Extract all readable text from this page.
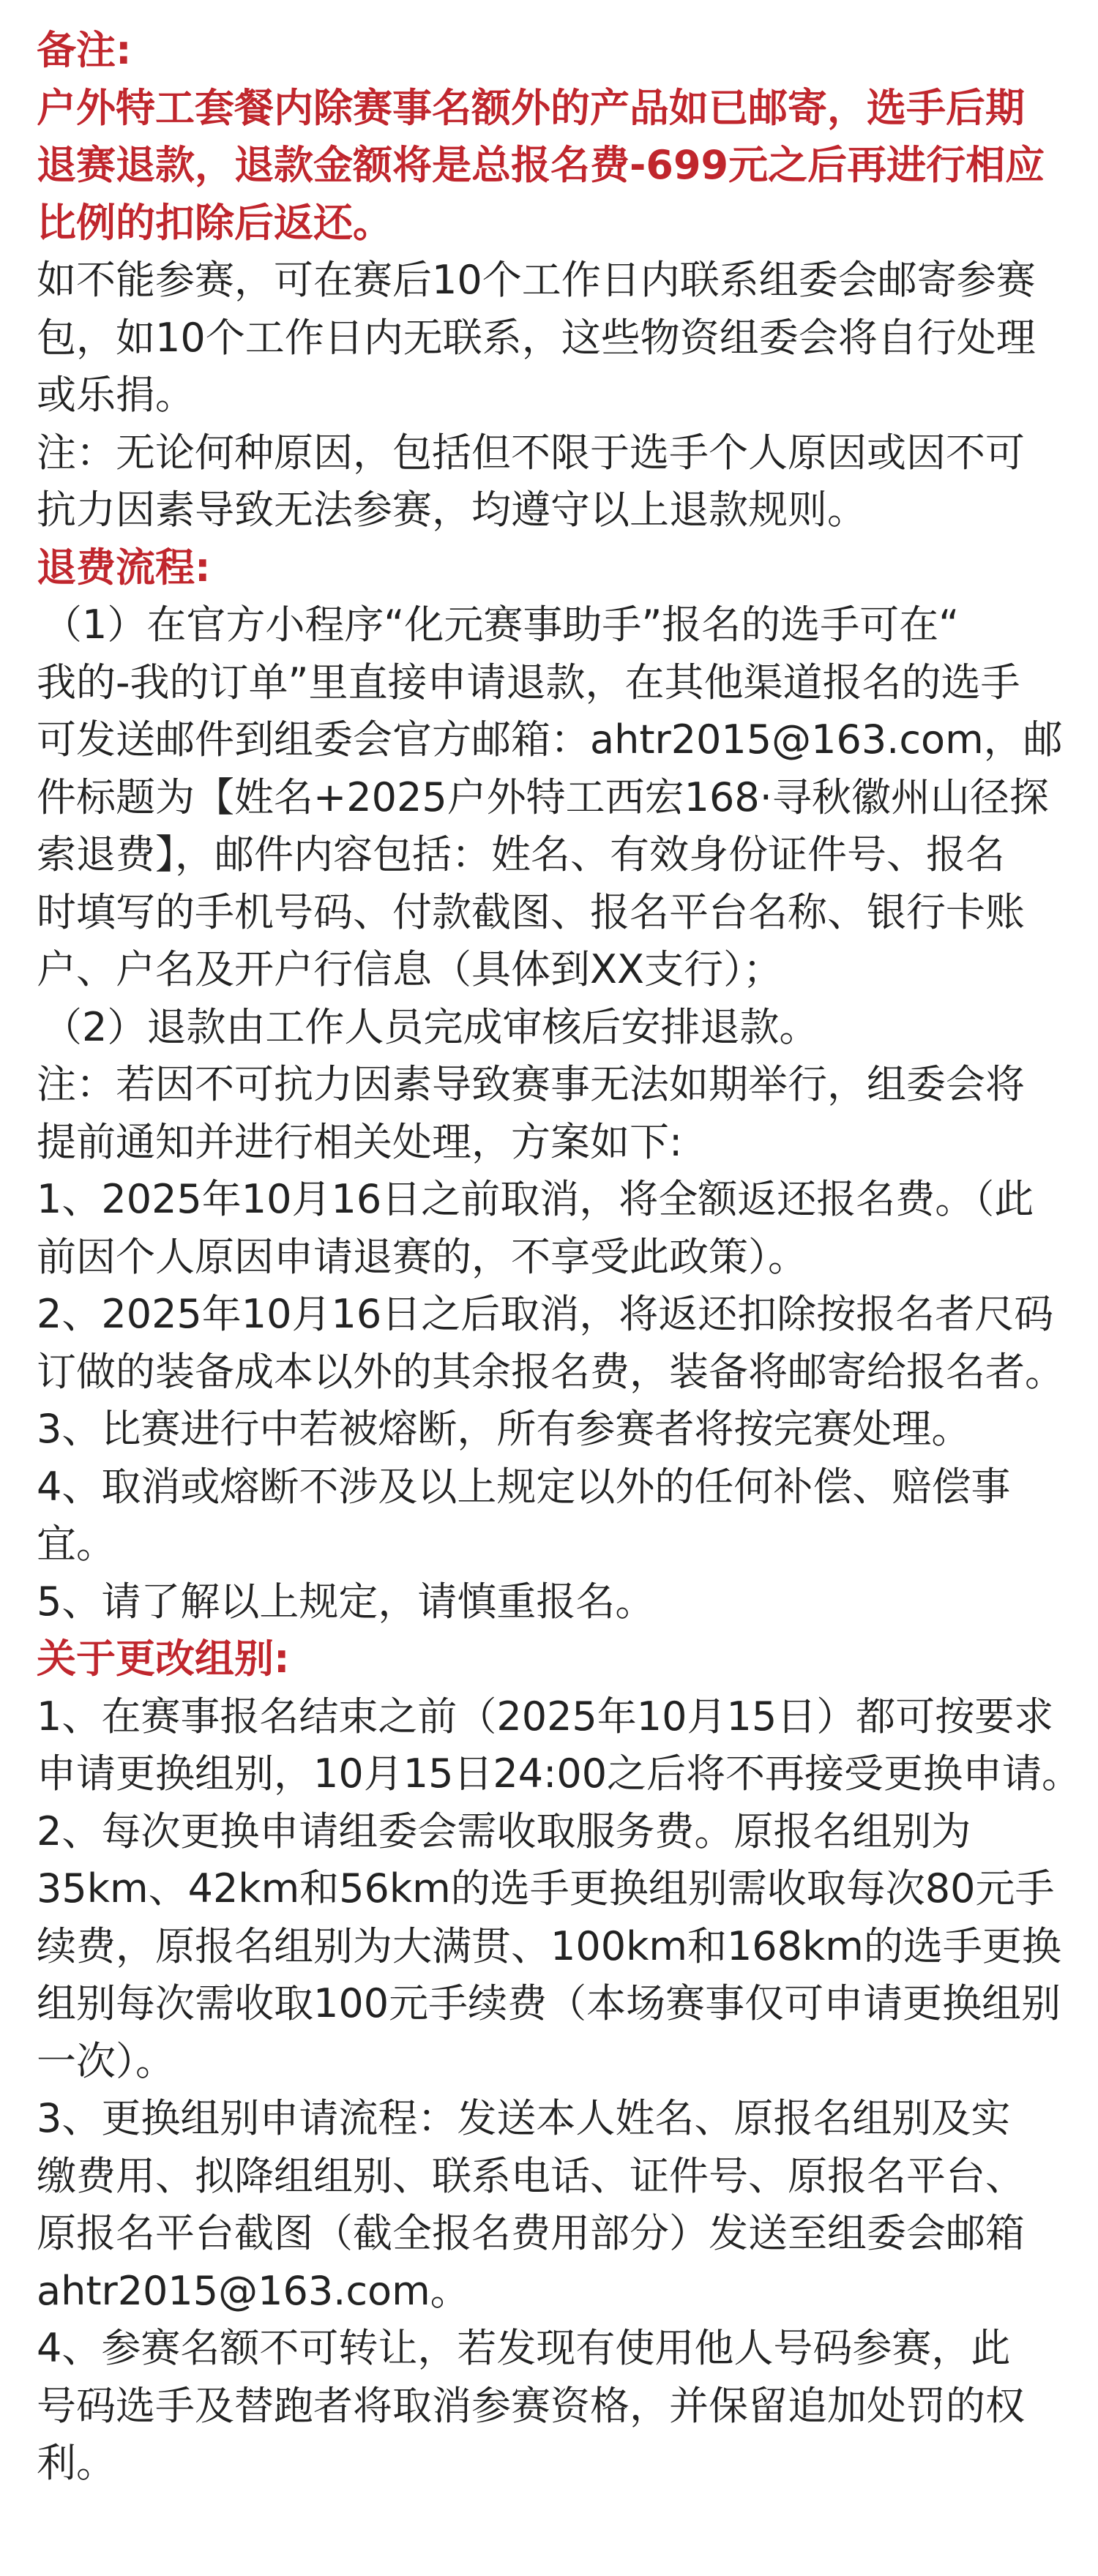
备注:
户外特工套餐内除赛事名额外的产品如已邮寄，选手后期
退赛退款，退款金额将是总报名费-699元之后再进行相应
比例的扣除后返还。
如不能参赛，可在赛后10个工作日内联系组委会邮寄参赛
包，如10个工作日内无联系，这些物资组委会将自行处理
或乐捐。
注：无论何种原因，包括但不限于选手个人原因或因不可
抗力因素导致无法参赛，均遵守以上退款规则。
退费流程:
（1）在官方小程序“化元赛事助手”报名的选手可在“
我的-我的订单”里直接申请退款，在其他渠道报名的选手
可发送邮件到组委会官方邮箱：ahtr2015@163.com，邮
件标题为【姓名+2025户外特工西宏168·寻秋徽州山径探
索退费】，邮件内容包括：姓名、有效身份证件号、报名
时填写的手机号码、付款截图、报名平台名称、银行卡账
户、户名及开户行信息（具体到XX支行）；
（2）退款由工作人员完成审核后安排退款。
注：若因不可抗力因素导致赛事无法如期举行，组委会将
提前通知并进行相关处理，方案如下:
1、2025年10月16日之前取消，将全额返还报名费。（此
前因个人原因申请退赛的，不享受此政策）。
2、2025年10月16日之后取消，将返还扣除按报名者尺码
订做的装备成本以外的其余报名费，装备将邮寄给报名者。
3、比赛进行中若被熔断，所有参赛者将按完赛处理。
4、取消或熔断不涉及以上规定以外的任何补偿、赔偿事
宜。
5、请了解以上规定，请慎重报名。
关于更改组别:
1、在赛事报名结束之前（2025年10月15日）都可按要求
申请更换组别，10月15日24:00之后将不再接受更换申请。
2、每次更换申请组委会需收取服务费。原报名组别为
35km、42km和56km的选手更换组别需收取每次80元手
续费，原报名组别为大满贯、100km和168km的选手更换
组别每次需收取100元手续费（本场赛事仅可申请更换组别
一次）。
3、更换组别申请流程：发送本人姓名、原报名组别及实
缴费用、拟降组组别、联系电话、证件号、原报名平台、
原报名平台截图（截全报名费用部分）发送至组委会邮箱
ahtr2015@163.com。
4、参赛名额不可转让，若发现有使用他人号码参赛，此
号码选手及替跑者将取消参赛资格，并保留追加处罚的权
利。
